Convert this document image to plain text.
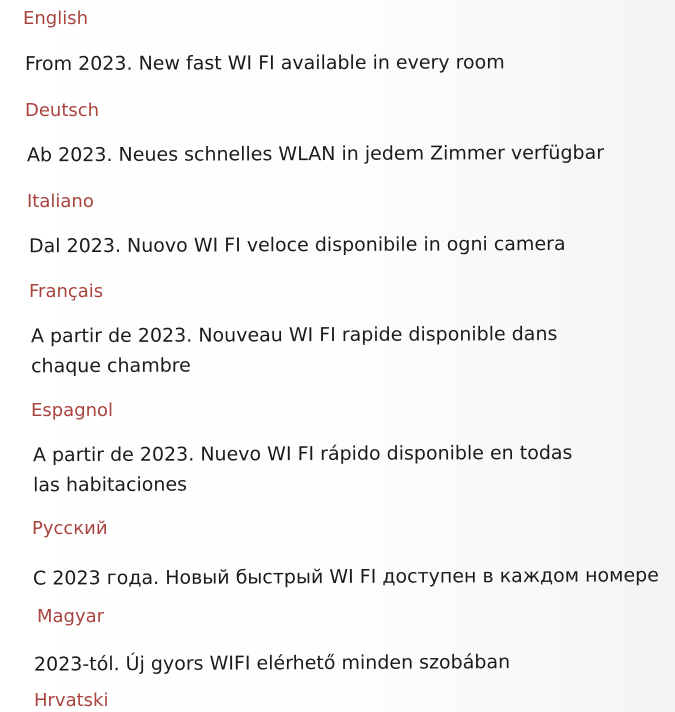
English

From 2023. New fast WI FI available in every room

Deutsch

Ab 2023. Neues schnelles WLAN in jedem Zimmer verfügbar

Italiano

Dal 2023. Nuovo WI FI veloce disponibile in ogni camera

Français

A partir de 2023. Nouveau WI FI rapide disponible dans chaque chambre

Espagnol

A partir de 2023. Nuevo WI FI rápido disponible en todas las habitaciones

Русский

С 2023 года. Новый быстрый WI FI доступен в каждом номере

Magyar

2023-tól. Új gyors WIFI elérhető minden szobában

Hrvatski
